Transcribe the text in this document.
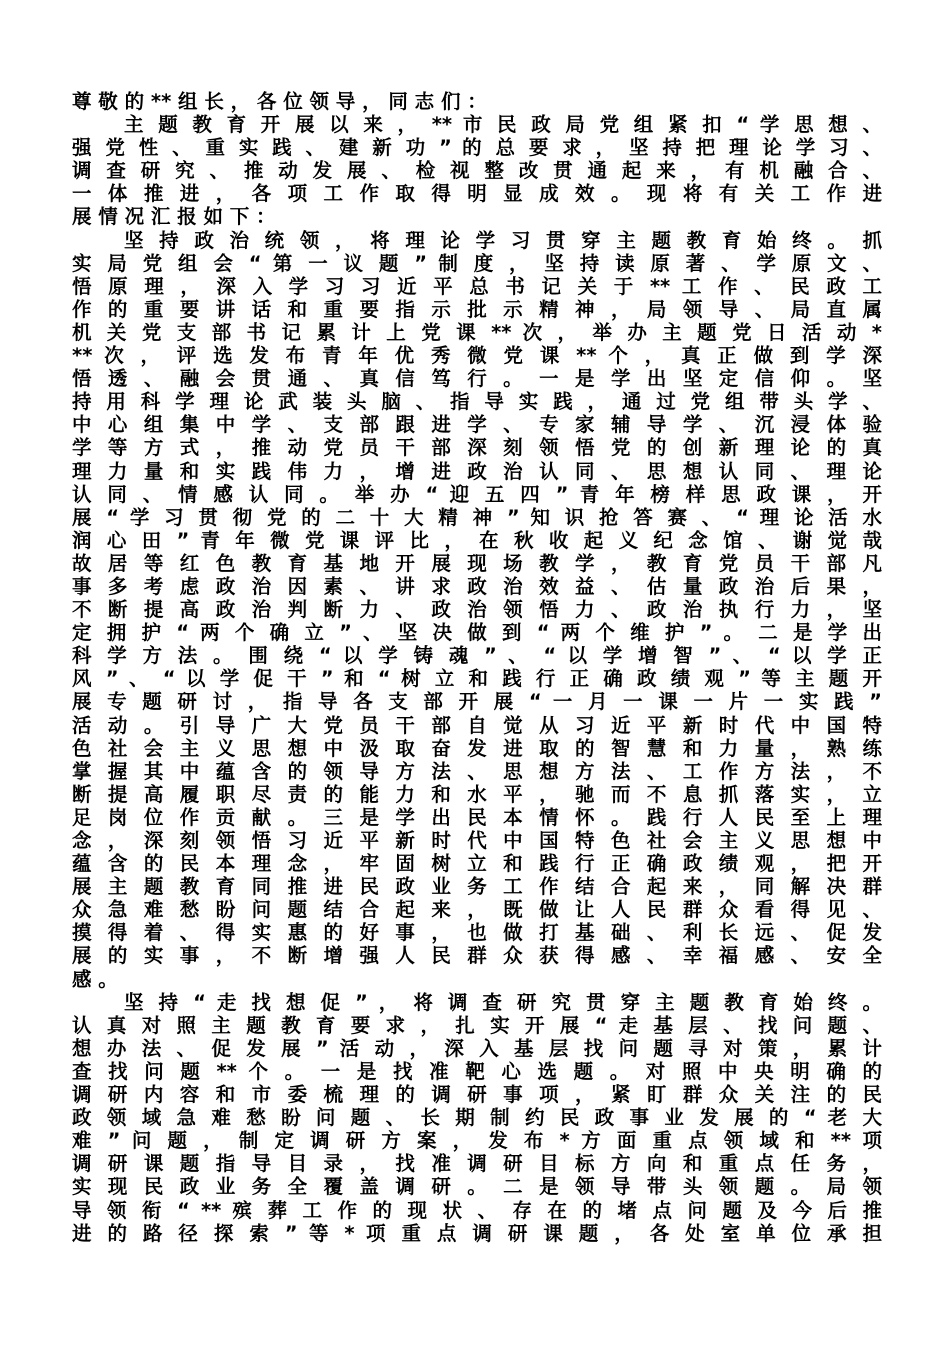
尊 敬 的 ** 组 长 ， 各 位 领 导 ， 同 志 们 ：
主 题 教 育 开 展 以 来 ， ** 市 民 政 局 党 组 紧 扣 “ 学 思 想 、
强 党 性 、 重 实 践 、 建 新 功 ” 的 总 要 求 ， 坚 持 把 理 论 学 习 、
调 查 研 究 、 推 动 发 展 、 检 视 整 改 贯 通 起 来 ， 有 机 融 合 、
一 体 推 进 ， 各 项 工 作 取 得 明 显 成 效 。 现 将 有 关 工 作 进
展 情 况 汇 报 如 下 ：
坚 持 政 治 统 领 ， 将 理 论 学 习 贯 穿 主 题 教 育 始 终 。 抓
实 局 党 组 会 “ 第 一 议 题 ” 制 度 ， 坚 持 读 原 著 、 学 原 文 、
悟 原 理 ， 深 入 学 习 习 近 平 总 书 记 关 于 ** 工 作 、 民 政 工
作 的 重 要 讲 话 和 重 要 指 示 批 示 精 神 ， 局 领 导 、 局 直 属
机 关 党 支 部 书 记 累 计 上 党 课 ** 次 ， 举 办 主 题 党 日 活 动 *
** 次 ， 评 选 发 布 青 年 优 秀 微 党 课 ** 个 ， 真 正 做 到 学 深
悟 透 、 融 会 贯 通 、 真 信 笃 行 。 一 是 学 出 坚 定 信 仰 。 坚
持 用 科 学 理 论 武 装 头 脑 、 指 导 实 践 ， 通 过 党 组 带 头 学 、
中 心 组 集 中 学 、 支 部 跟 进 学 、 专 家 辅 导 学 、 沉 浸 体 验
学 等 方 式 ， 推 动 党 员 干 部 深 刻 领 悟 党 的 创 新 理 论 的 真
理 力 量 和 实 践 伟 力 ， 增 进 政 治 认 同 、 思 想 认 同 、 理 论
认 同 、 情 感 认 同 。 举 办 “ 迎 五 四 ” 青 年 榜 样 思 政 课 ， 开
展 “ 学 习 贯 彻 党 的 二 十 大 精 神 ” 知 识 抢 答 赛 、 “ 理 论 活 水
润 心 田 ” 青 年 微 党 课 评 比 ， 在 秋 收 起 义 纪 念 馆 、 谢 觉 哉
故 居 等 红 色 教 育 基 地 开 展 现 场 教 学 ， 教 育 党 员 干 部 凡
事 多 考 虑 政 治 因 素 、 讲 求 政 治 效 益 、 估 量 政 治 后 果 ，
不 断 提 高 政 治 判 断 力 、 政 治 领 悟 力 、 政 治 执 行 力 ， 坚
定 拥 护 “ 两 个 确 立 ” 、 坚 决 做 到 “ 两 个 维 护 ” 。 二 是 学 出
科 学 方 法 。 围 绕 “ 以 学 铸 魂 ” 、 “ 以 学 增 智 ” 、 “ 以 学 正
风 ” 、 “ 以 学 促 干 ” 和 “ 树 立 和 践 行 正 确 政 绩 观 ” 等 主 题 开
展 专 题 研 讨 ， 指 导 各 支 部 开 展 “ 一 月 一 课 一 片 一 实 践 ”
活 动 。 引 导 广 大 党 员 干 部 自 觉 从 习 近 平 新 时 代 中 国 特
色 社 会 主 义 思 想 中 汲 取 奋 发 进 取 的 智 慧 和 力 量 ， 熟 练
掌 握 其 中 蕴 含 的 领 导 方 法 、 思 想 方 法 、 工 作 方 法 ， 不
断 提 高 履 职 尽 责 的 能 力 和 水 平 ， 驰 而 不 息 抓 落 实 ， 立
足 岗 位 作 贡 献 。 三 是 学 出 民 本 情 怀 。 践 行 人 民 至 上 理
念 ， 深 刻 领 悟 习 近 平 新 时 代 中 国 特 色 社 会 主 义 思 想 中
蕴 含 的 民 本 理 念 ， 牢 固 树 立 和 践 行 正 确 政 绩 观 ， 把 开
展 主 题 教 育 同 推 进 民 政 业 务 工 作 结 合 起 来 ， 同 解 决 群
众 急 难 愁 盼 问 题 结 合 起 来 ， 既 做 让 人 民 群 众 看 得 见 、
摸 得 着 、 得 实 惠 的 好 事 ， 也 做 打 基 础 、 利 长 远 、 促 发
展 的 实 事 ， 不 断 增 强 人 民 群 众 获 得 感 、 幸 福 感 、 安 全
感 。
坚 持 “ 走 找 想 促 ” ， 将 调 查 研 究 贯 穿 主 题 教 育 始 终 。
认 真 对 照 主 题 教 育 要 求 ， 扎 实 开 展 “ 走 基 层 、 找 问 题 、
想 办 法 、 促 发 展 ” 活 动 ， 深 入 基 层 找 问 题 寻 对 策 ， 累 计
查 找 问 题 ** 个 。 一 是 找 准 靶 心 选 题 。 对 照 中 央 明 确 的
调 研 内 容 和 市 委 梳 理 的 调 研 事 项 ， 紧 盯 群 众 关 注 的 民
政 领 域 急 难 愁 盼 问 题 、 长 期 制 约 民 政 事 业 发 展 的 “ 老 大
难 ” 问 题 ， 制 定 调 研 方 案 ， 发 布 * 方 面 重 点 领 域 和 ** 项
调 研 课 题 指 导 目 录 ， 找 准 调 研 目 标 方 向 和 重 点 任 务 ，
实 现 民 政 业 务 全 覆 盖 调 研 。 二 是 领 导 带 头 领 题 。 局 领
导 领 衔 “ ** 殡 葬 工 作 的 现 状 、 存 在 的 堵 点 问 题 及 今 后 推
进 的 路 径 探 索 ” 等 * 项 重 点 调 研 课 题 ， 各 处 室 单 位 承 担
